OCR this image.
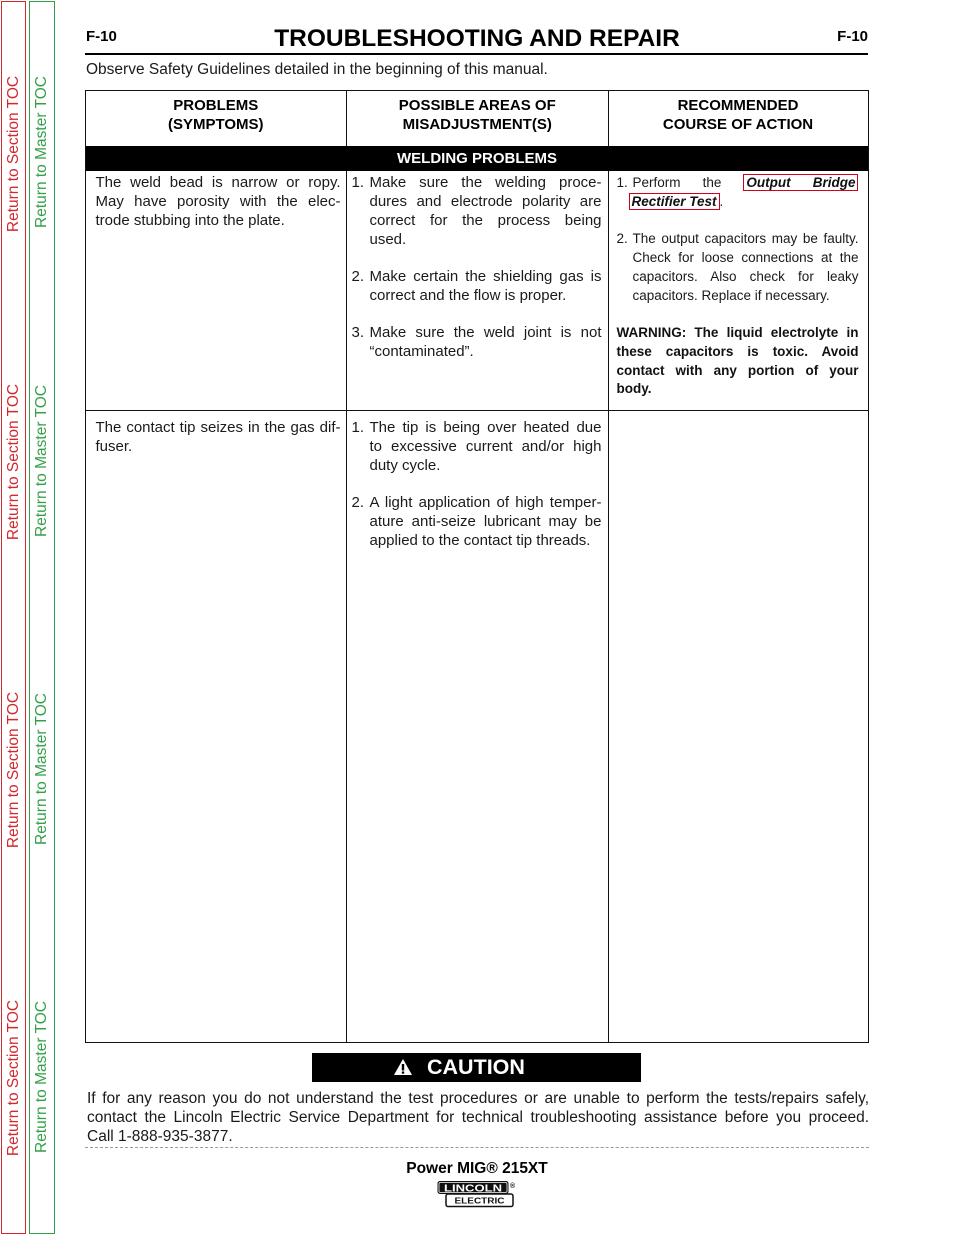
Return to Section TOC
Return to Section TOC
Return to Section TOC
Return to Section TOC
Return to Master TOC
Return to Master TOC
Return to Master TOC
Return to Master TOC
F-10	TROUBLESHOOTING AND REPAIR	F-10
Observe Safety Guidelines detailed in the beginning of this manual.
PROBLEMS
(SYMPTOMS)
POSSIBLE AREAS OF
MISADJUSTMENT(S)
RECOMMENDED
COURSE OF ACTION
WELDING PROBLEMS
The weld bead is narrow or ropy.
May have porosity with the elec-
trode stubbing into the plate.
1. Make sure the welding proce-
dures and electrode polarity are
correct for the process being
used.
2. Make certain the shielding gas is
correct and the flow is proper.
3. Make sure the weld joint is not
“contaminated”.
1. Perform the Output Bridge
Rectifier Test .
2. The output capacitors may be faulty.
Check for loose connections at the
capacitors. Also check for leaky
capacitors. Replace if necessary.
WARNING: The liquid electrolyte in
these capacitors is toxic. Avoid
contact with any portion of your
body.
The contact tip seizes in the gas dif-
fuser.
1. The tip is being over heated due
to excessive current and/or high
duty cycle.
2. A light application of high temper-
ature anti-seize lubricant may be
applied to the contact tip threads.
CAUTION
If for any reason you do not understand the test procedures or are unable to perform the tests/repairs safely,
contact the Lincoln Electric Service Department for technical troubleshooting assistance before you proceed.
Call 1-888-935-3877.
Power MIG® 215XT
LINCOLN ®
ELECTRIC
